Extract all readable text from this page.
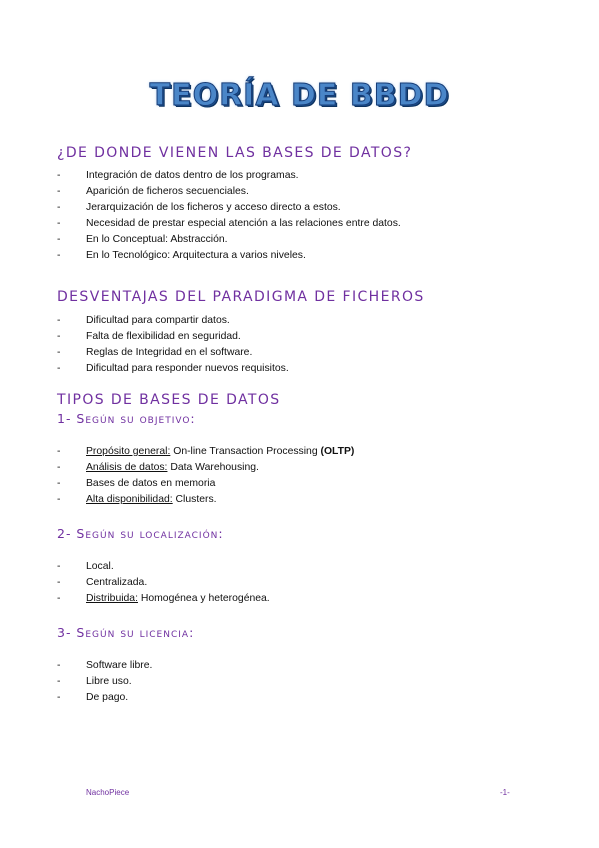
TEORÍA DE BBDD
¿DE DONDE VIENEN LAS BASES DE DATOS?
- Integración de datos dentro de los programas.
- Aparición de ficheros secuenciales.
- Jerarquización de los ficheros y acceso directo a estos.
- Necesidad de prestar especial atención a las relaciones entre datos.
- En lo Conceptual: Abstracción.
- En lo Tecnológico: Arquitectura a varios niveles.
DESVENTAJAS DEL PARADIGMA DE FICHEROS
- Dificultad para compartir datos.
- Falta de flexibilidad en seguridad.
- Reglas de Integridad en el software.
- Dificultad para responder nuevos requisitos.
TIPOS DE BASES DE DATOS
1- Según su objetivo:
- Propósito general: On-line Transaction Processing (OLTP)
- Análisis de datos: Data Warehousing.
- Bases de datos en memoria
- Alta disponibilidad: Clusters.
2- Según su localización:
- Local.
- Centralizada.
- Distribuida: Homogénea y heterogénea.
3- Según su licencia:
- Software libre.
- Libre uso.
- De pago.
NachoPiece	-1-
